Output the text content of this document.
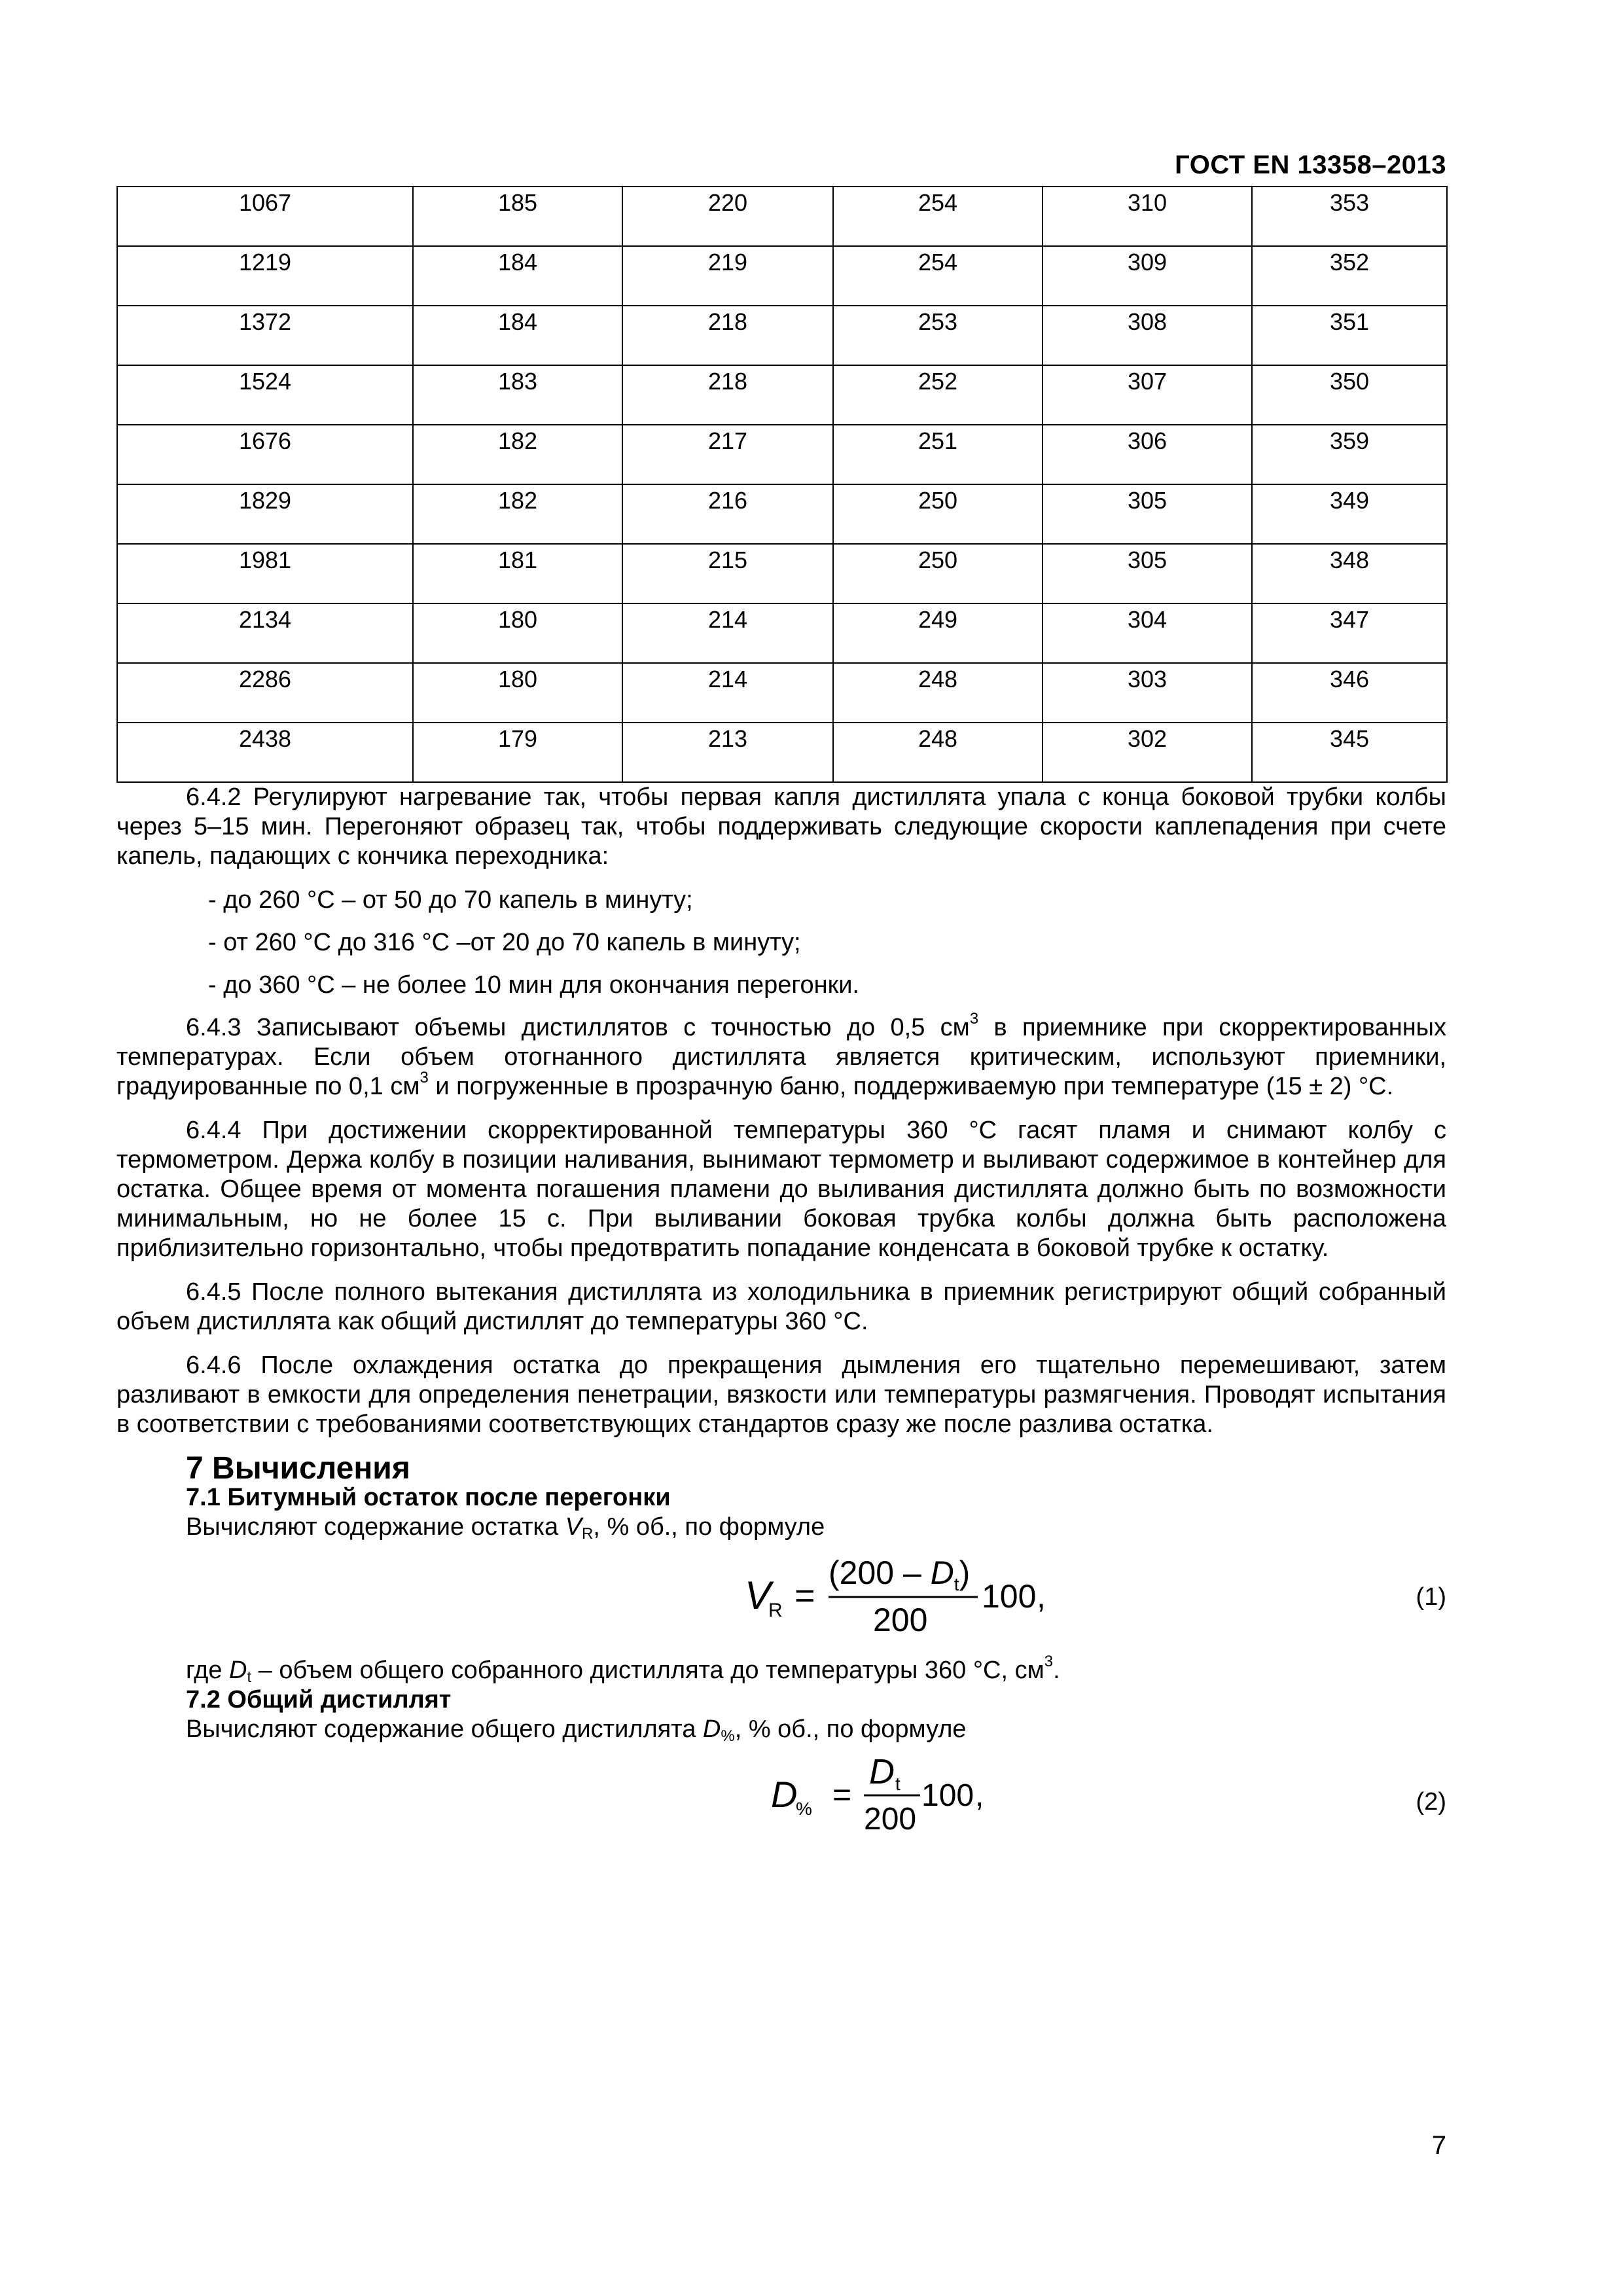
ГОСТ EN 13358–2013
1067	185	220	254	310	353
1219	184	219	254	309	352
1372	184	218	253	308	351
1524	183	218	252	307	350
1676	182	217	251	306	359
1829	182	216	250	305	349
1981	181	215	250	305	348
2134	180	214	249	304	347
2286	180	214	248	303	346
2438	179	213	248	302	345

6.4.2 Регулируют нагревание так, чтобы первая капля дистиллята упала с конца боковой трубки колбы через 5–15 мин. Перегоняют образец так, чтобы поддерживать следующие скорости каплепадения при счете капель, падающих с кончика переходника:

- до 260 °С – от 50 до 70 капель в минуту;

- от 260 °С до 316 °С –от 20 до 70 капель в минуту;

- до 360 °С – не более 10 мин для окончания перегонки.

6.4.3 Записывают объемы дистиллятов с точностью до 0,5 $см^3$ в приемнике при скорректированных температурах. Если объем отогнанного дистиллята является критическим, используют приемники, градуированные по 0,1 $см^3$ и погруженные в прозрачную баню, поддерживаемую при температуре (15 ± 2) °С.

6.4.4 При достижении скорректированной температуры 360 °С гасят пламя и снимают колбу с термометром. Держа колбу в позиции наливания, вынимают термометр и выливают содержимое в контейнер для остатка. Общее время от момента погашения пламени до выливания дистиллята должно быть по возможности минимальным, но не более 15 с. При выливании боковая трубка колбы должна быть расположена приблизительно горизонтально, чтобы предотвратить попадание конденсата в боковой трубке к остатку.

6.4.5 После полного вытекания дистиллята из холодильника в приемник регистрируют общий собранный объем дистиллята как общий дистиллят до температуры 360 °С.

6.4.6 После охлаждения остатка до прекращения дымления его тщательно перемешивают, затем разливают в емкости для определения пенетрации, вязкости или температуры размягчения. Проводят испытания в соответствии с требованиями соответствующих стандартов сразу же после разлива остатка.

7 Вычисления

7.1 Битумный остаток после перегонки

Вычисляют содержание остатка $V_R$, % об., по формуле

V
R =
$(200 - D_t)$
200
100 ,	(1)

где $D_t$ – объем общего собранного дистиллята до температуры 360 °С, $см^3$.

7.2 Общий дистиллят

Вычисляют содержание общего дистиллята $D_{\%}$, % об., по формуле

D
% =
D t
200
100 ,	(2)
7
